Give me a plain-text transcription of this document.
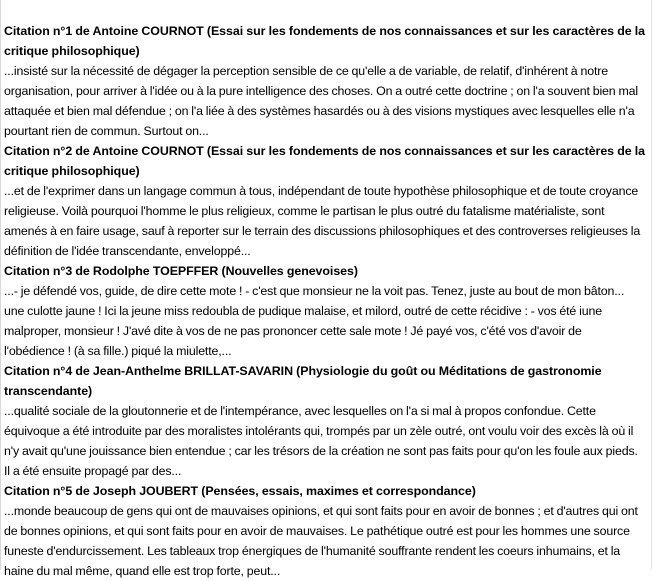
Citation n°1 de Antoine COURNOT (Essai sur les fondements de nos connaissances et sur les caractères de la critique philosophique)
...insisté sur la nécessité de dégager la perception sensible de ce qu'elle a de variable, de relatif, d'inhérent à notre organisation, pour arriver à l'idée ou à la pure intelligence des choses. On a outré cette doctrine ; on l'a souvent bien mal attaquée et bien mal défendue ; on l'a liée à des systèmes hasardés ou à des visions mystiques avec lesquelles elle n'a pourtant rien de commun. Surtout on...
Citation n°2 de Antoine COURNOT (Essai sur les fondements de nos connaissances et sur les caractères de la critique philosophique)
...et de l'exprimer dans un langage commun à tous, indépendant de toute hypothèse philosophique et de toute croyance religieuse. Voilà pourquoi l'homme le plus religieux, comme le partisan le plus outré du fatalisme matérialiste, sont amenés à en faire usage, sauf à reporter sur le terrain des discussions philosophiques et des controverses religieuses la définition de l'idée transcendante, enveloppé...
Citation n°3 de Rodolphe TOEPFFER (Nouvelles genevoises)
...- je défendé vos, guide, de dire cette mote ! - c'est que monsieur ne la voit pas. Tenez, juste au bout de mon bâton... une culotte jaune ! Ici la jeune miss redoubla de pudique malaise, et milord, outré de cette récidive : - vos été iune malproper, monsieur ! J'avé dite à vos de ne pas prononcer cette sale mote ! Jé payé vos, c'été vos d'avoir de l'obédience ! (à sa fille.) piqué la miulette,...
Citation n°4 de Jean-Anthelme BRILLAT-SAVARIN (Physiologie du goût ou Méditations de gastronomie transcendante)
...qualité sociale de la gloutonnerie et de l'intempérance, avec lesquelles on l'a si mal à propos confondue. Cette équivoque a été introduite par des moralistes intolérants qui, trompés par un zèle outré, ont voulu voir des excès là où il n'y avait qu'une jouissance bien entendue ; car les trésors de la création ne sont pas faits pour qu'on les foule aux pieds. Il a été ensuite propagé par des...
Citation n°5 de Joseph JOUBERT (Pensées, essais, maximes et correspondance)
...monde beaucoup de gens qui ont de mauvaises opinions, et qui sont faits pour en avoir de bonnes ; et d'autres qui ont de bonnes opinions, et qui sont faits pour en avoir de mauvaises. Le pathétique outré est pour les hommes une source funeste d'endurcissement. Les tableaux trop énergiques de l'humanité souffrante rendent les coeurs inhumains, et la haine du mal même, quand elle est trop forte, peut...
